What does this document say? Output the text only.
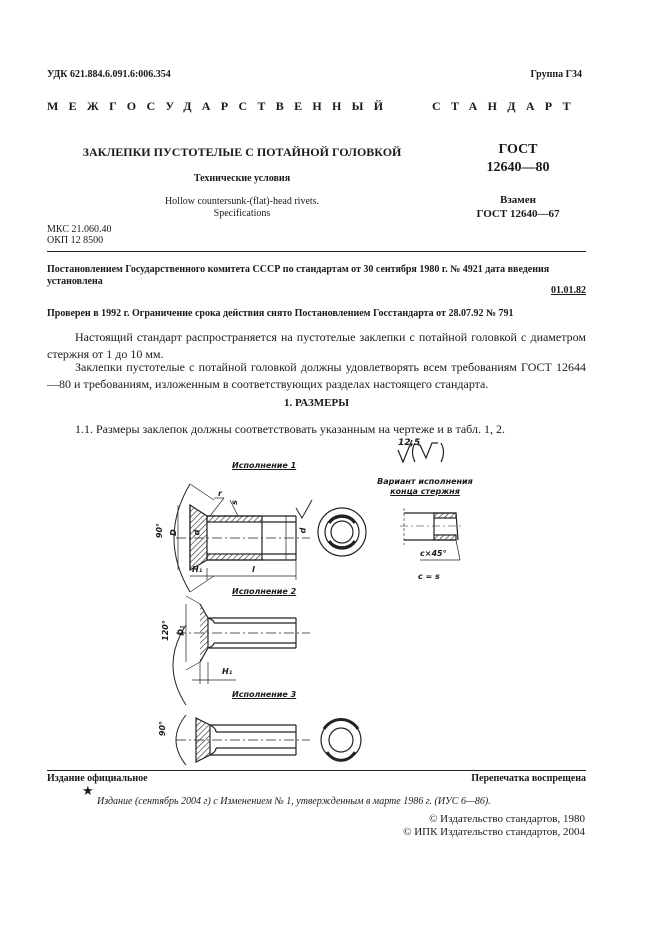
УДК 621.884.6.091.6:006.354	Группа Г34
МЕЖГОСУДАРСТВЕННЫЙ	СТАНДАРТ
ЗАКЛЕПКИ ПУСТОТЕЛЫЕ С ПОТАЙНОЙ ГОЛОВКОЙ
Технические условия
Hollow countersunk-(flat)-head rivets.
Specifications
ГОСТ
12640—80
Взамен
ГОСТ 12640—67
МКС 21.060.40
ОКП 12 8500
Постановлением Государственного комитета СССР по стандартам от 30 сентября 1980 г. № 4921 дата введения установлена
01.01.82
Проверен в 1992 г. Ограничение срока действия снято Постановлением Госстандарта от 28.07.92 № 791
Настоящий стандарт распространяется на пустотелые заклепки с потайной головкой с диаметром стержня от 1 до 10 мм.
Заклепки пустотелые с потайной головкой должны удовлетворять всем требованиям ГОСТ 12644—80 и требованиям, изложенным в соответствующих разделах настоящего стандарта.
1. РАЗМЕРЫ
1.1. Размеры заклепок должны соответствовать указанным на чертеже и в табл. 1, 2.
12,5
Исполнение 1
Исполнение 2
Исполнение 3
Вариант исполнения
конца стержня
90°
120°
90°
D d	d
D₁
H₁
H₁
l
r
s
c×45°
c = s
Издание официальное	Перепечатка воспрещена
★
Издание (сентябрь 2004 г) с Изменением № 1, утвержденным в марте 1986 г. (ИУС 6—86).
© Издательство стандартов, 1980
© ИПК Издательство стандартов, 2004
